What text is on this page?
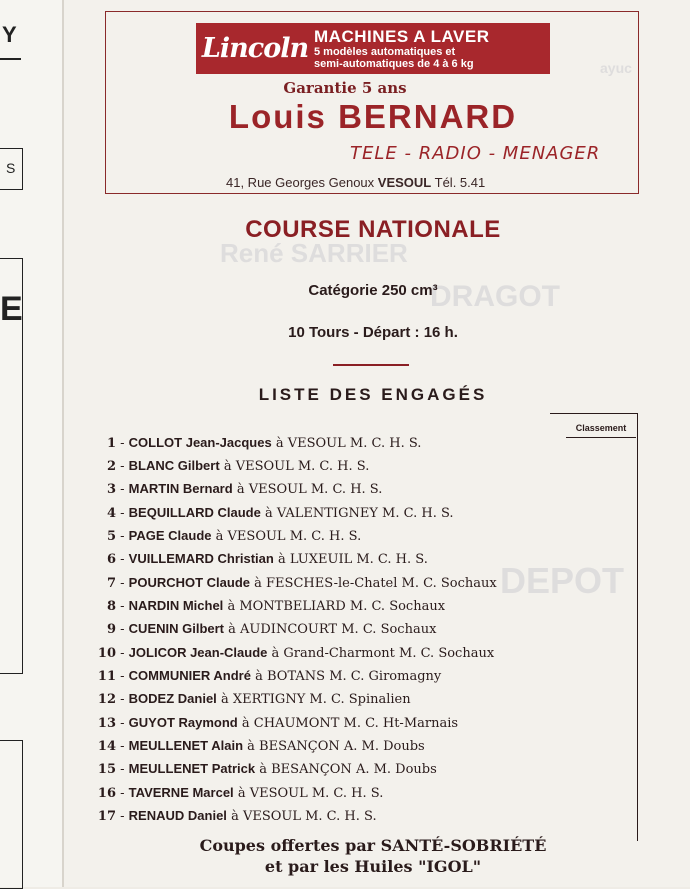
Y
S
E
ayuc
René SARRIER
DRAGOT
DEPOT
Lincoln MACHINES A LAVER
5 modèles automatiques et
semi-automatiques de 4 à 6 kg
Garantie 5 ans
Louis BERNARD
TELE - RADIO - MENAGER
41, Rue Georges Genoux VESOUL Tél. 5.41
COURSE NATIONALE
Catégorie 250 cm³
10 Tours - Départ : 16 h.
LISTE DES ENGAGÉS
Classement
1 - COLLOT Jean-Jacques à VESOUL M. C. H. S.
2 - BLANC Gilbert à VESOUL M. C. H. S.
3 - MARTIN Bernard à VESOUL M. C. H. S.
4 - BEQUILLARD Claude à VALENTIGNEY M. C. H. S.
5 - PAGE Claude à VESOUL M. C. H. S.
6 - VUILLEMARD Christian à LUXEUIL M. C. H. S.
7 - POURCHOT Claude à FESCHES-le-Chatel M. C. Sochaux
8 - NARDIN Michel à MONTBELIARD M. C. Sochaux
9 - CUENIN Gilbert à AUDINCOURT M. C. Sochaux
10 - JOLICOR Jean-Claude à Grand-Charmont M. C. Sochaux
11 - COMMUNIER André à BOTANS M. C. Giromagny
12 - BODEZ Daniel à XERTIGNY M. C. Spinalien
13 - GUYOT Raymond à CHAUMONT M. C. Ht-Marnais
14 - MEULLENET Alain à BESANÇON A. M. Doubs
15 - MEULLENET Patrick à BESANÇON A. M. Doubs
16 - TAVERNE Marcel à VESOUL M. C. H. S.
17 - RENAUD Daniel à VESOUL M. C. H. S.
Coupes offertes par SANTÉ-SOBRIÉTÉ
et par les Huiles "IGOL"
